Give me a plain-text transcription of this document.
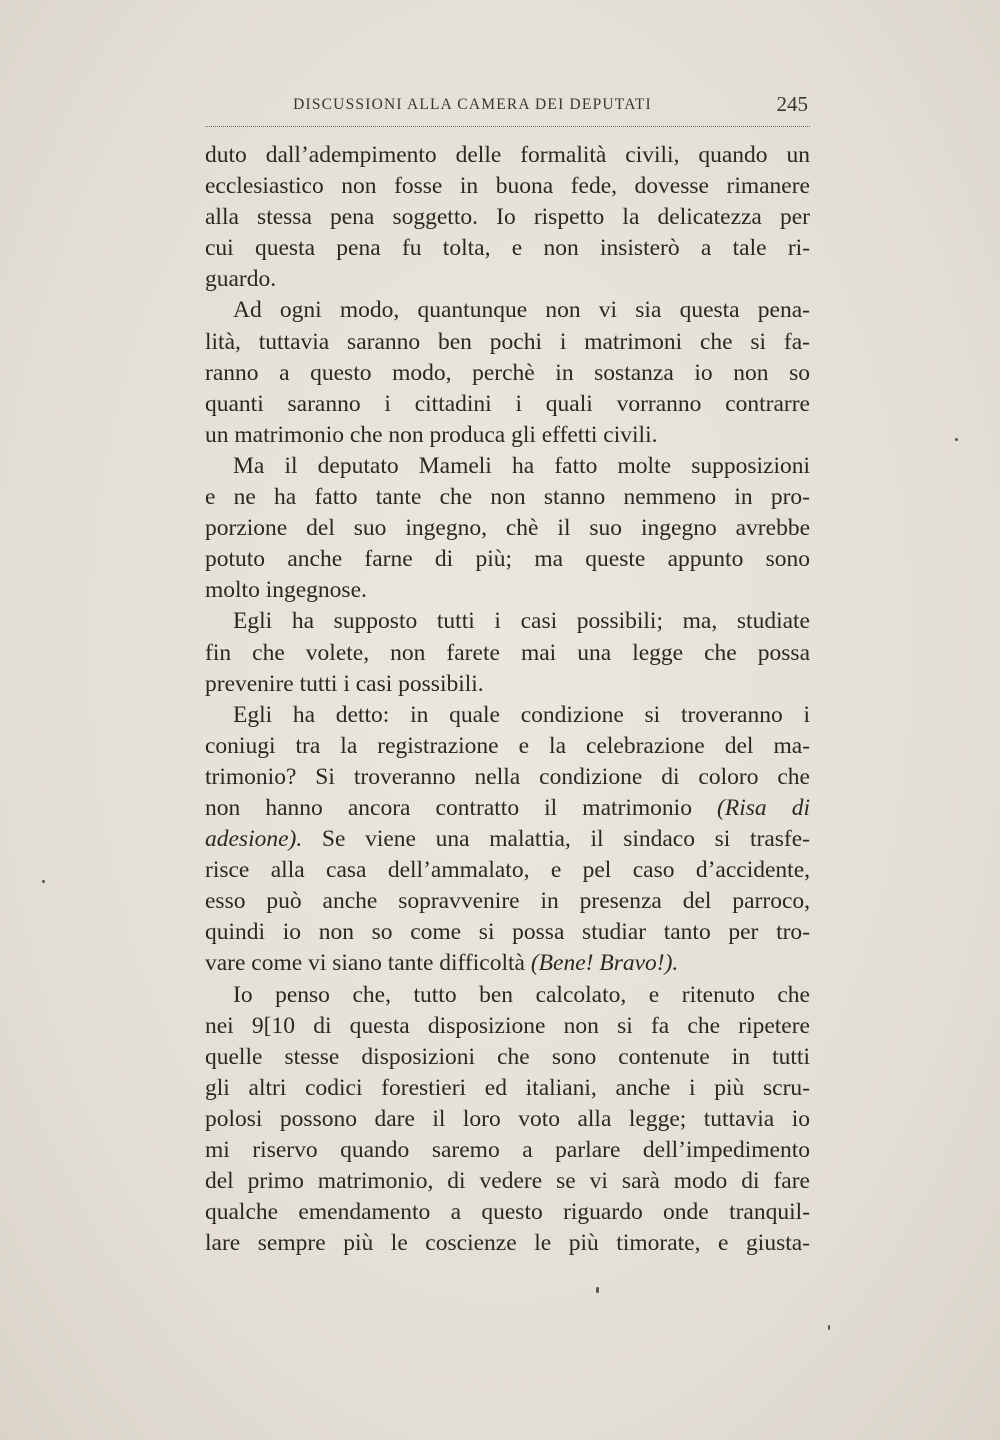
DISCUSSIONI ALLA CAMERA DEI DEPUTATI	245
duto dall’adempimento delle formalità civili, quando un
ecclesiastico non fosse in buona fede, dovesse rimanere
alla stessa pena soggetto. Io rispetto la delicatezza per
cui questa pena fu tolta, e non insisterò a tale ri-
guardo.
Ad ogni modo, quantunque non vi sia questa pena-
lità, tuttavia saranno ben pochi i matrimoni che si fa-
ranno a questo modo, perchè in sostanza io non so
quanti saranno i cittadini i quali vorranno contrarre
un matrimonio che non produca gli effetti civili.
Ma il deputato Mameli ha fatto molte supposizioni
e ne ha fatto tante che non stanno nemmeno in pro-
porzione del suo ingegno, chè il suo ingegno avrebbe
potuto anche farne di più; ma queste appunto sono
molto ingegnose.
Egli ha supposto tutti i casi possibili; ma, studiate
fin che volete, non farete mai una legge che possa
prevenire tutti i casi possibili.
Egli ha detto: in quale condizione si troveranno i
coniugi tra la registrazione e la celebrazione del ma-
trimonio? Si troveranno nella condizione di coloro che
non hanno ancora contratto il matrimonio (Risa di
adesione). Se viene una malattia, il sindaco si trasfe-
risce alla casa dell’ammalato, e pel caso d’accidente,
esso può anche sopravvenire in presenza del parroco,
quindi io non so come si possa studiar tanto per tro-
vare come vi siano tante difficoltà (Bene! Bravo!).
Io penso che, tutto ben calcolato, e ritenuto che
nei 9[10 di questa disposizione non si fa che ripetere
quelle stesse disposizioni che sono contenute in tutti
gli altri codici forestieri ed italiani, anche i più scru-
polosi possono dare il loro voto alla legge; tuttavia io
mi riservo quando saremo a parlare dell’impedimento
del primo matrimonio, di vedere se vi sarà modo di fare
qualche emendamento a questo riguardo onde tranquil-
lare sempre più le coscienze le più timorate, e giusta-
